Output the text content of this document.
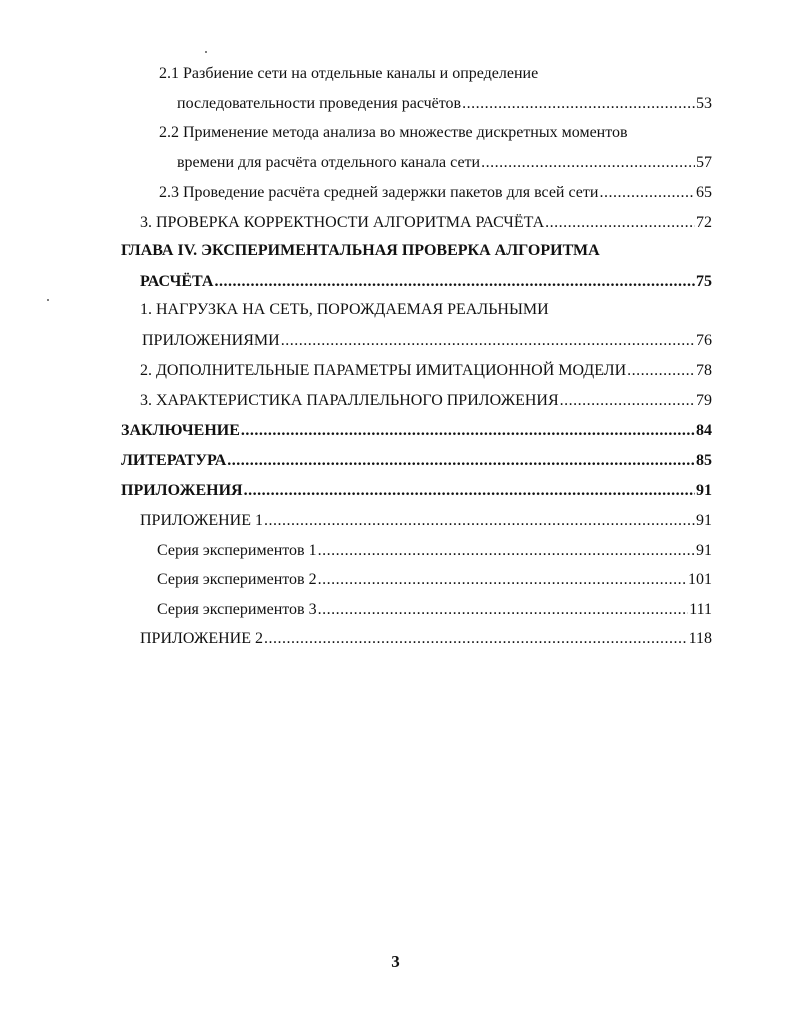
2.1 Разбиение сети на отдельные каналы и определение
последовательности проведения расчётов .....	53
2.2 Применение метода анализа во множестве дискретных моментов
времени для расчёта отдельного канала сети .....	57
2.3 Проведение расчёта средней задержки пакетов для всей сети .....	65
3. ПРОВЕРКА КОРРЕКТНОСТИ АЛГОРИТМА РАСЧЁТА .....	72
ГЛАВА IV. ЭКСПЕРИМЕНТАЛЬНАЯ ПРОВЕРКА АЛГОРИТМА
РАСЧЁТА .....	75
1. НАГРУЗКА НА СЕТЬ, ПОРОЖДАЕМАЯ РЕАЛЬНЫМИ
ПРИЛОЖЕНИЯМИ .....	76
2. ДОПОЛНИТЕЛЬНЫЕ ПАРАМЕТРЫ ИМИТАЦИОННОЙ МОДЕЛИ .....	78
3. ХАРАКТЕРИСТИКА ПАРАЛЛЕЛЬНОГО ПРИЛОЖЕНИЯ .....	79
ЗАКЛЮЧЕНИЕ .....	84
ЛИТЕРАТУРА .....	85
ПРИЛОЖЕНИЯ .....	91
ПРИЛОЖЕНИЕ 1 .....	91
Серия экспериментов 1 .....	91
Серия экспериментов 2 .....	101
Серия экспериментов 3 .....	111
ПРИЛОЖЕНИЕ 2 .....	118
3
